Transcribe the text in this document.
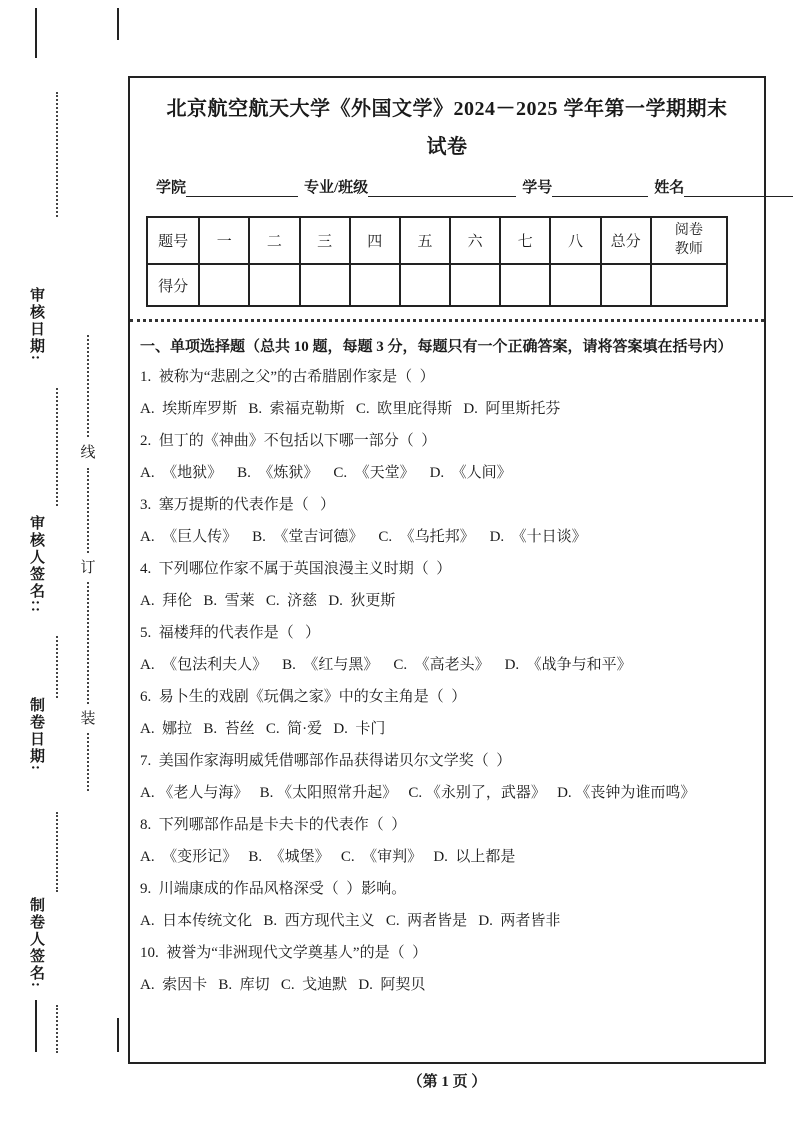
审核日期:
审核人签名::
制卷日期:
制卷人签名:
线
订
装
北京航空航天大学《外国文学》2024－2025 学年第一学期期末试卷
学院	专业/班级	学号	姓名
题号	一	二	三	四	五	六	七	八	总分	阅卷
教师
得分										
一、单项选择题（总共 10 题，每题 3 分，每题只有一个正确答案，请将答案填在括号内）
1.  被称为“悲剧之父”的古希腊剧作家是（  ）
A.  埃斯库罗斯   B.  索福克勒斯   C.  欧里庇得斯   D.  阿里斯托芬
2.  但丁的《神曲》不包括以下哪一部分（  ）
A.  《地狱》    B.  《炼狱》    C.  《天堂》    D.  《人间》
3.  塞万提斯的代表作是（   ）
A.  《巨人传》    B.  《堂吉诃德》    C.  《乌托邦》    D.  《十日谈》
4.  下列哪位作家不属于英国浪漫主义时期（  ）
A.  拜伦   B.  雪莱   C.  济慈   D.  狄更斯
5.  福楼拜的代表作是（   ）
A.  《包法利夫人》    B.  《红与黑》    C.  《高老头》    D.  《战争与和平》
6.  易卜生的戏剧《玩偶之家》中的女主角是（  ）
A.  娜拉   B.  苔丝   C.  简·爱   D.  卡门
7.  美国作家海明威凭借哪部作品获得诺贝尔文学奖（  ）
A. 《老人与海》   B. 《太阳照常升起》   C. 《永别了，武器》   D. 《丧钟为谁而鸣》
8.  下列哪部作品是卡夫卡的代表作（  ）
A.  《变形记》   B.  《城堡》   C.  《审判》   D.  以上都是
9.  川端康成的作品风格深受（  ）影响。
A.  日本传统文化   B.  西方现代主义   C.  两者皆是   D.  两者皆非
10.  被誉为“非洲现代文学奠基人”的是（  ）
A.  索因卡   B.  库切   C.  戈迪默   D.  阿契贝
（第 1 页 ）
